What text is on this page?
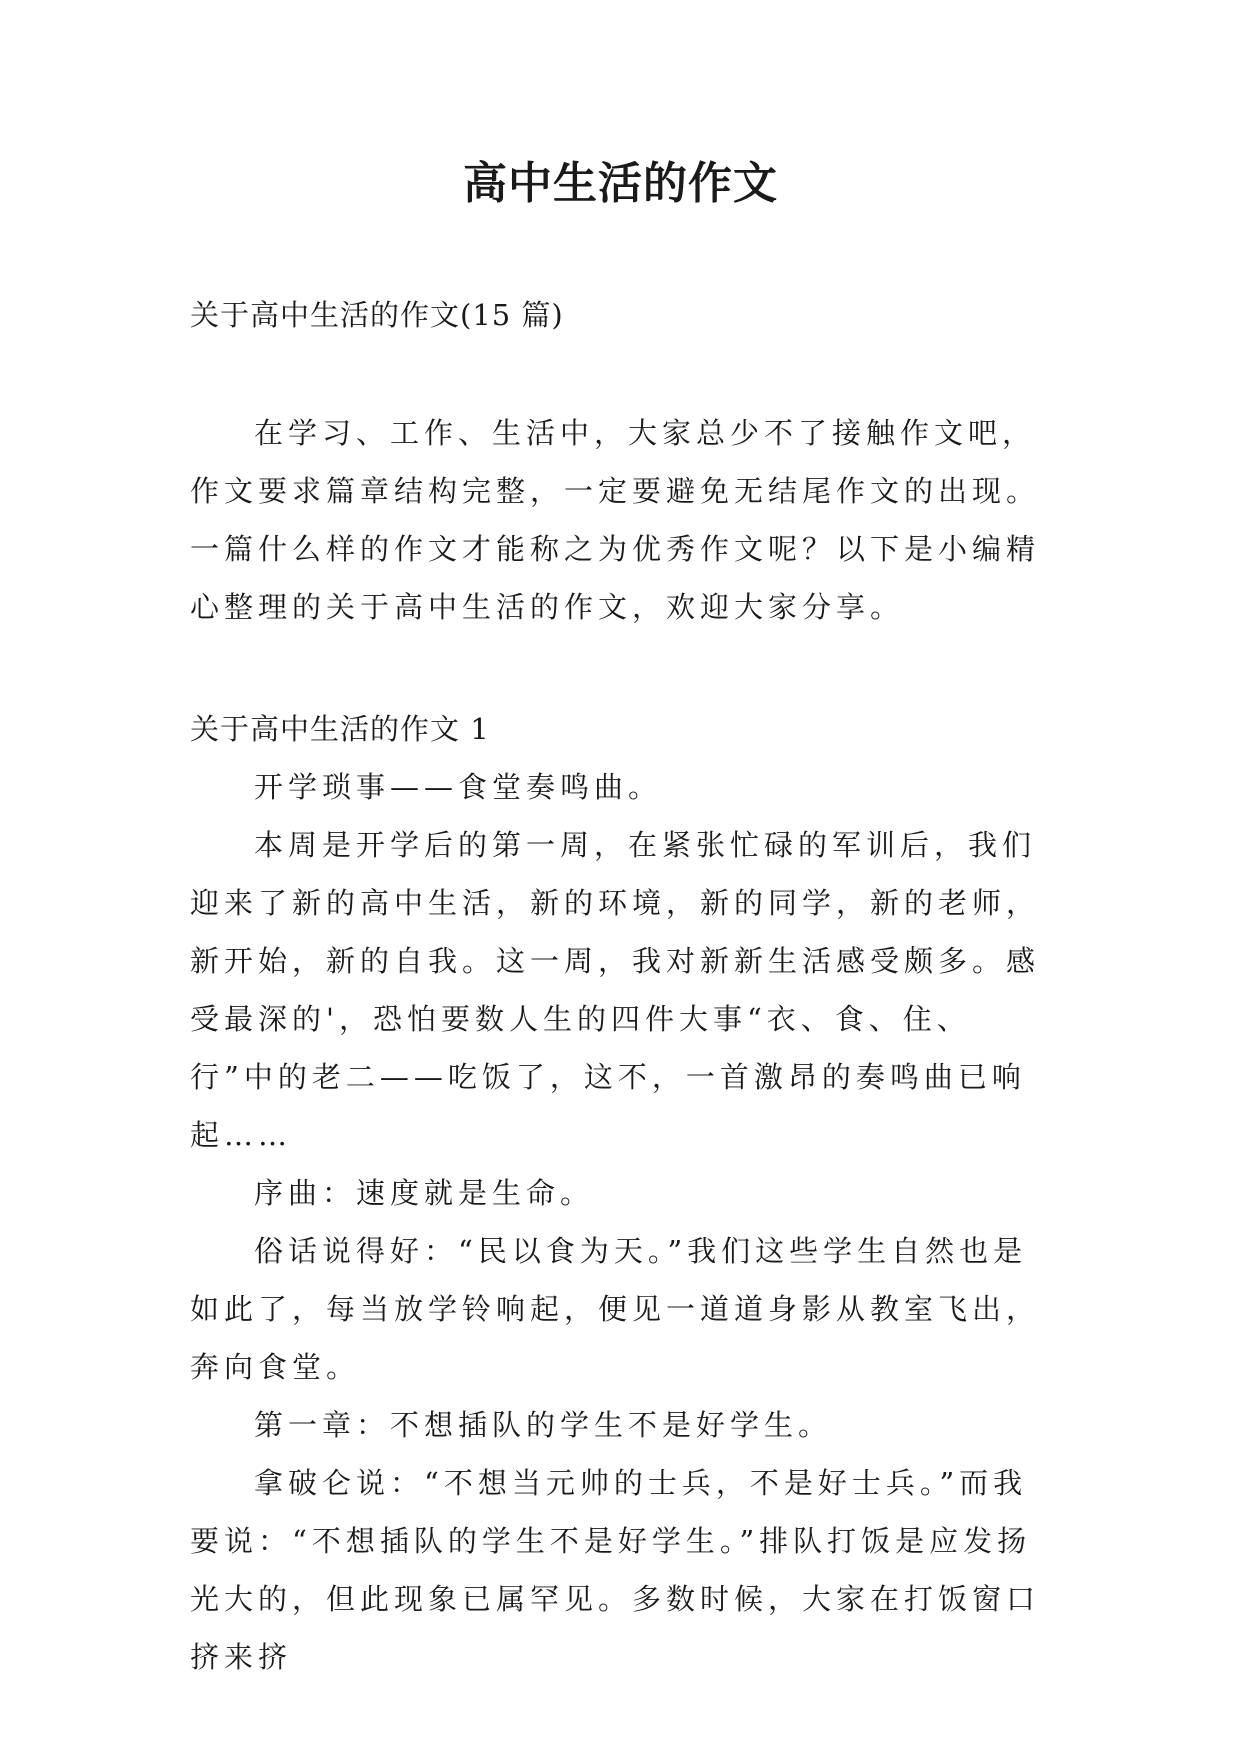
高中生活的作文

关于高中生活的作文(15 篇)

在学习、工作、生活中，大家总少不了接触作文吧，作文要求篇章结构完整，一定要避免无结尾作文的出现。一篇什么样的作文才能称之为优秀作文呢？以下是小编精心整理的关于高中生活的作文，欢迎大家分享。

关于高中生活的作文 1

开学琐事——食堂奏鸣曲。

本周是开学后的第一周，在紧张忙碌的军训后，我们迎来了新的高中生活，新的环境，新的同学，新的老师，新开始，新的自我。这一周，我对新新生活感受颇多。感受最深的'，恐怕要数人生的四件大事“衣、食、住、行”中的老二——吃饭了，这不，一首激昂的奏鸣曲已响起……

序曲：速度就是生命。

俗话说得好：“民以食为天。”我们这些学生自然也是如此了，每当放学铃响起，便见一道道身影从教室飞出，奔向食堂。

第一章：不想插队的学生不是好学生。

拿破仑说：“不想当元帅的士兵，不是好士兵。”而我要说：“不想插队的学生不是好学生。”排队打饭是应发扬光大的，但此现象已属罕见。多数时候，大家在打饭窗口挤来挤
